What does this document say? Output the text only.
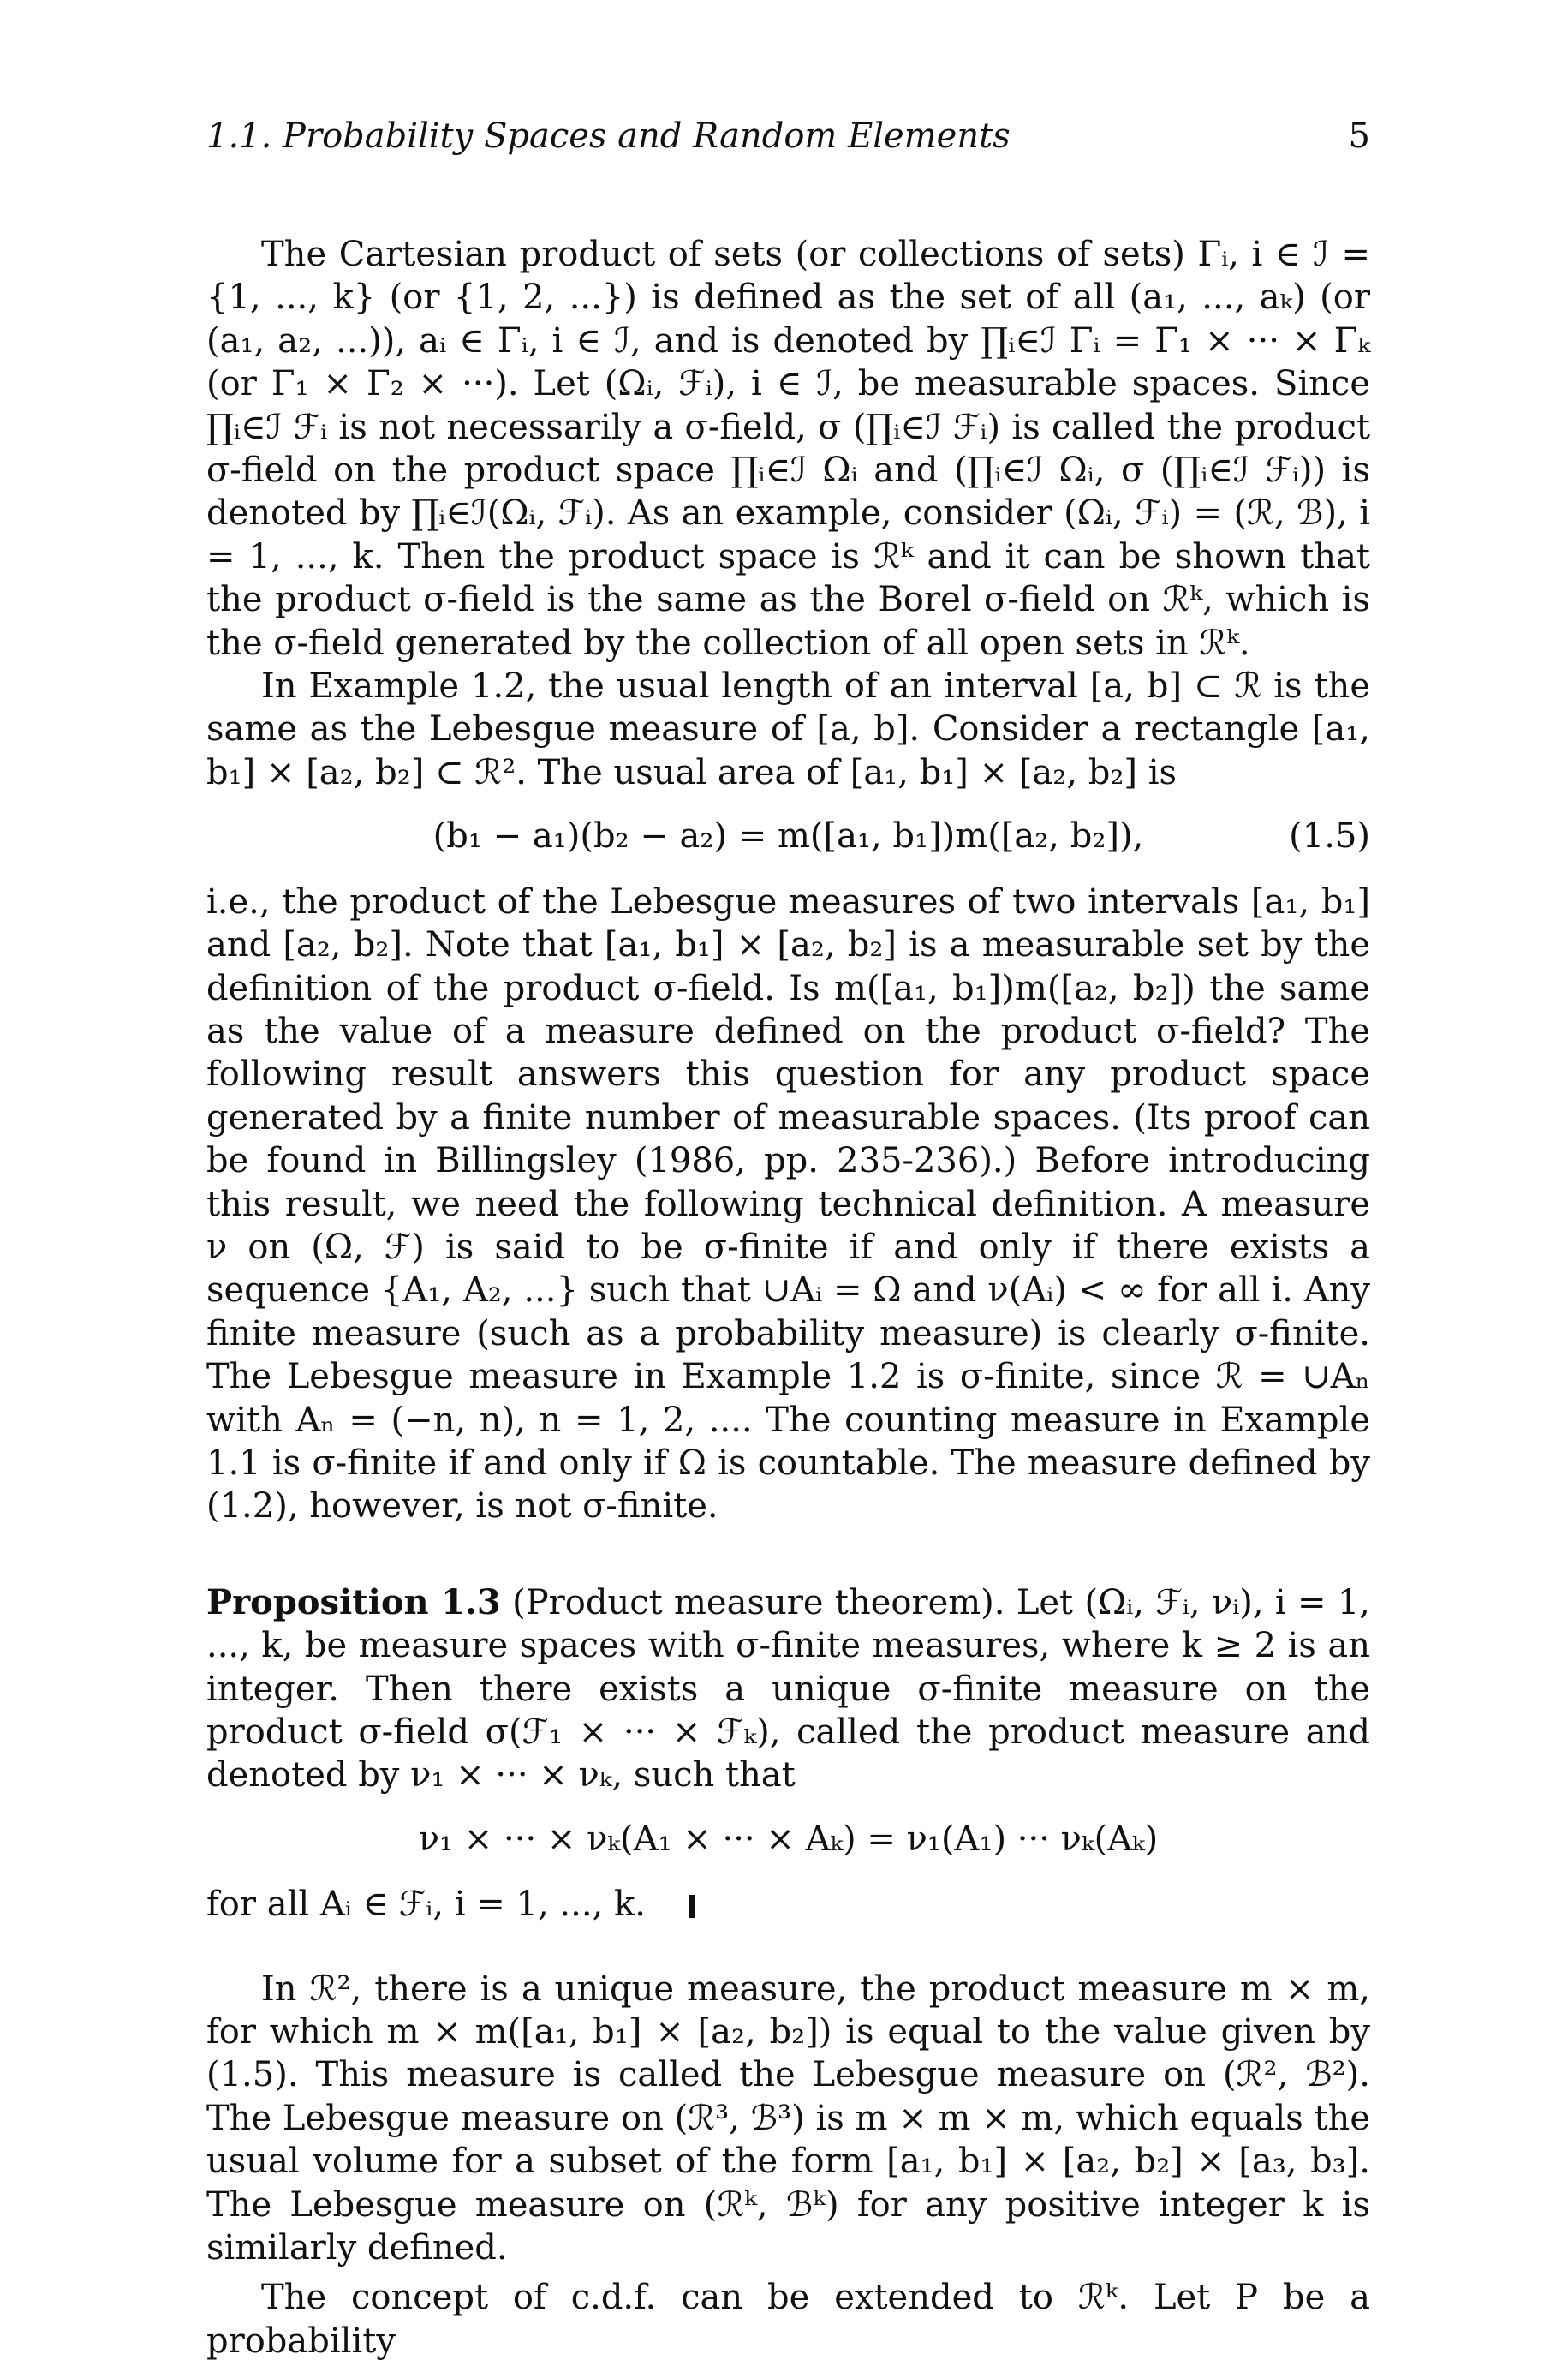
1.1. Probability Spaces and Random Elements	5

The Cartesian product of sets (or collections of sets) Γᵢ, i ∈ ℐ = {1, ..., k} (or {1, 2, ...}) is defined as the set of all (a₁, ..., aₖ) (or (a₁, a₂, ...)), aᵢ ∈ Γᵢ, i ∈ ℐ, and is denoted by ∏ᵢ∈ℐ Γᵢ = Γ₁ × ··· × Γₖ (or Γ₁ × Γ₂ × ···). Let (Ωᵢ, ℱᵢ), i ∈ ℐ, be measurable spaces. Since ∏ᵢ∈ℐ ℱᵢ is not necessarily a σ-field, σ (∏ᵢ∈ℐ ℱᵢ) is called the product σ-field on the product space ∏ᵢ∈ℐ Ωᵢ and (∏ᵢ∈ℐ Ωᵢ, σ (∏ᵢ∈ℐ ℱᵢ)) is denoted by ∏ᵢ∈ℐ(Ωᵢ, ℱᵢ). As an example, consider (Ωᵢ, ℱᵢ) = (ℛ, ℬ), i = 1, ..., k. Then the product space is ℛᵏ and it can be shown that the product σ-field is the same as the Borel σ-field on ℛᵏ, which is the σ-field generated by the collection of all open sets in ℛᵏ.

In Example 1.2, the usual length of an interval [a, b] ⊂ ℛ is the same as the Lebesgue measure of [a, b]. Consider a rectangle [a₁, b₁] × [a₂, b₂] ⊂ ℛ². The usual area of [a₁, b₁] × [a₂, b₂] is

(b₁ − a₁)(b₂ − a₂) = m([a₁, b₁])m([a₂, b₂]),	(1.5)

i.e., the product of the Lebesgue measures of two intervals [a₁, b₁] and [a₂, b₂]. Note that [a₁, b₁] × [a₂, b₂] is a measurable set by the definition of the product σ-field. Is m([a₁, b₁])m([a₂, b₂]) the same as the value of a measure defined on the product σ-field? The following result answers this question for any product space generated by a finite number of measurable spaces. (Its proof can be found in Billingsley (1986, pp. 235-236).) Before introducing this result, we need the following technical definition. A measure ν on (Ω, ℱ) is said to be σ-finite if and only if there exists a sequence {A₁, A₂, ...} such that ∪Aᵢ = Ω and ν(Aᵢ) < ∞ for all i. Any finite measure (such as a probability measure) is clearly σ-finite. The Lebesgue measure in Example 1.2 is σ-finite, since ℛ = ∪Aₙ with Aₙ = (−n, n), n = 1, 2, .... The counting measure in Example 1.1 is σ-finite if and only if Ω is countable. The measure defined by (1.2), however, is not σ-finite.

Proposition 1.3 (Product measure theorem). Let (Ωᵢ, ℱᵢ, νᵢ), i = 1, ..., k, be measure spaces with σ-finite measures, where k ≥ 2 is an integer. Then there exists a unique σ-finite measure on the product σ-field σ(ℱ₁ × ··· × ℱₖ), called the product measure and denoted by ν₁ × ··· × νₖ, such that

ν₁ × ··· × νₖ(A₁ × ··· × Aₖ) = ν₁(A₁) ··· νₖ(Aₖ)

for all Aᵢ ∈ ℱᵢ, i = 1, ..., k.

In ℛ², there is a unique measure, the product measure m × m, for which m × m([a₁, b₁] × [a₂, b₂]) is equal to the value given by (1.5). This measure is called the Lebesgue measure on (ℛ², ℬ²). The Lebesgue measure on (ℛ³, ℬ³) is m × m × m, which equals the usual volume for a subset of the form [a₁, b₁] × [a₂, b₂] × [a₃, b₃]. The Lebesgue measure on (ℛᵏ, ℬᵏ) for any positive integer k is similarly defined.

The concept of c.d.f. can be extended to ℛᵏ. Let P be a probability
